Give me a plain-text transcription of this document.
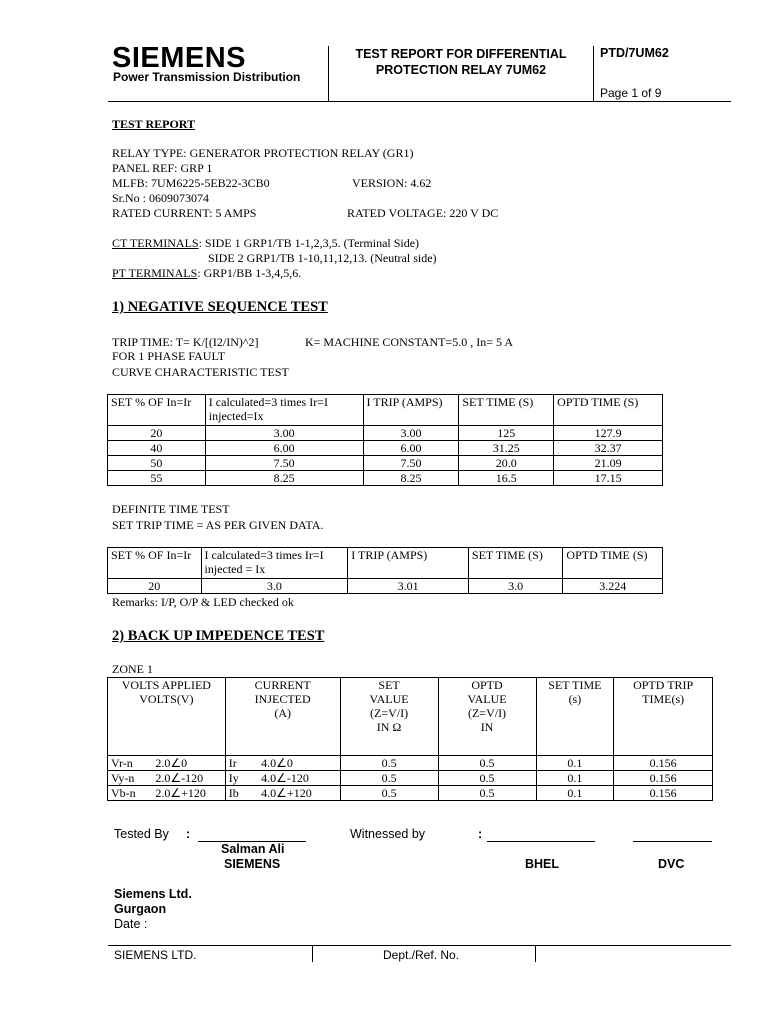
SIEMENS
Power Transmission Distribution
TEST REPORT FOR DIFFERENTIAL
PROTECTION RELAY 7UM62
PTD/7UM62
Page 1 of 9
TEST REPORT
RELAY TYPE: GENERATOR PROTECTION RELAY (GR1)
PANEL REF: GRP 1
MLFB: 7UM6225-5EB22-3CB0	VERSION: 4.62
Sr.No : 0609073074
RATED CURRENT: 5 AMPS	RATED VOLTAGE: 220 V DC
CT TERMINALS: SIDE 1 GRP1/TB 1-1,2,3,5. (Terminal Side)
SIDE 2 GRP1/TB 1-10,11,12,13. (Neutral side)
PT TERMINALS: GRP1/BB 1-3,4,5,6.
1) NEGATIVE SEQUENCE TEST
TRIP TIME: T= K/[(I2/IN)^2]	K= MACHINE CONSTANT=5.0 , In= 5 A
FOR 1 PHASE FAULT
CURVE CHARACTERISTIC TEST
SET % OF In=Ir	I calculated=3 times Ir=I injected=Ix	I TRIP (AMPS)	SET TIME (S)	OPTD TIME (S)
20	3.00	3.00	125	127.9
40	6.00	6.00	31.25	32.37
50	7.50	7.50	20.0	21.09
55	8.25	8.25	16.5	17.15
DEFINITE TIME TEST
SET TRIP TIME = AS PER GIVEN DATA.
SET % OF In=Ir	I calculated=3 times Ir=I injected = Ix	I TRIP (AMPS)	SET TIME (S)	OPTD TIME (S)
20	3.0	3.01	3.0	3.224
Remarks: I/P, O/P & LED checked ok
2) BACK UP IMPEDENCE TEST
ZONE 1
VOLTS APPLIED VOLTS(V)		CURRENT INJECTED (A)		SET VALUE (Z=V/I) IN Ω	OPTD VALUE (Z=V/I) IN	SET TIME (s)	OPTD TRIP TIME(s)
Vr-n	2.0∠0	Ir	4.0∠0	0.5	0.5	0.1	0.156
Vy-n	2.0∠-120	Iy	4.0∠-120	0.5	0.5	0.1	0.156
Vb-n	2.0∠+120	Ib	4.0∠+120	0.5	0.5	0.1	0.156
Tested By :
Salman Ali
SIEMENS
Witnessed by	:
BHEL	DVC
Siemens Ltd.
Gurgaon
Date :
SIEMENS LTD.	Dept./Ref. No.
